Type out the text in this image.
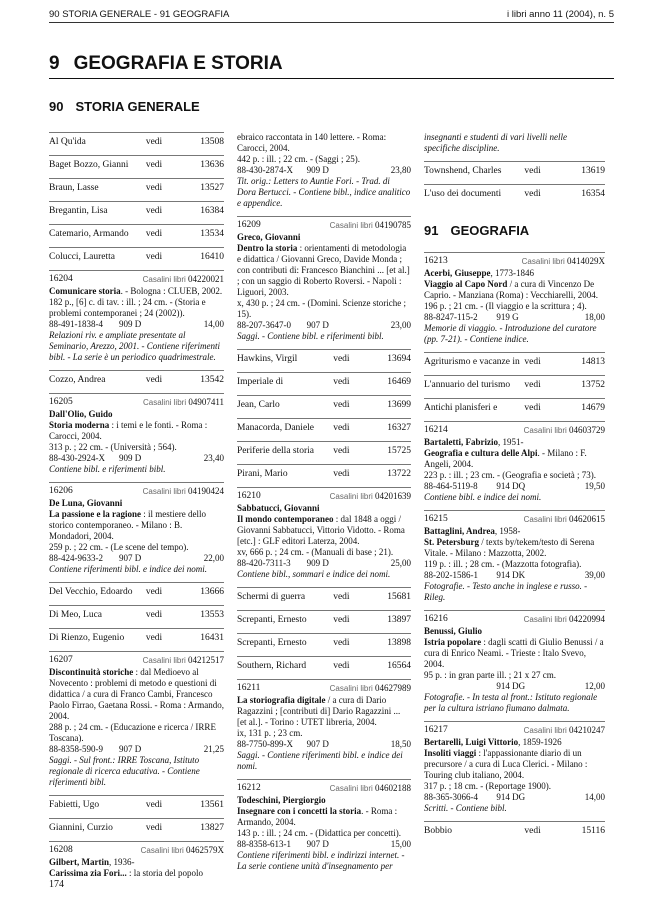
90 STORIA GENERALE - 91 GEOGRAFIA	i libri anno 11 (2004), n. 5
9 GEOGRAFIA E STORIA
90 STORIA GENERALE
Al Qu'ida	vedi	13508
Baget Bozzo, Gianni vedi	13636
Braun, Lasse	vedi	13527
Bregantin, Lisa	vedi	16384
Catemario, Armando vedi	13534
Colucci, Lauretta	vedi	16410
16204	Casalini libri 04220021
Comunicare storia. - Bologna : CLUEB, 2002.
182 p., [6] c. di tav. : ill. ; 24 cm. - (Storia e problemi contemporanei ; 24 (2002)).
88-491-1838-4 909 D	14,00
Relazioni riv. e ampliate presentate al Seminario, Arezzo, 2001. - Contiene riferimenti bibl. - La serie è un periodico quadrimestrale.
Cozzo, Andrea	vedi	13542
16205	Casalini libri 04907411
Dall'Olio, Guido
Storia moderna : i temi e le fonti. - Roma : Carocci, 2004.
313 p. ; 22 cm. - (Università ; 564).
88-430-2924-X 909 D	23,40
Contiene bibl. e riferimenti bibl.
16206	Casalini libri 04190424
De Luna, Giovanni
La passione e la ragione : il mestiere dello storico contemporaneo. - Milano : B. Mondadori, 2004.
259 p. ; 22 cm. - (Le scene del tempo).
88-424-9633-2 907 D	22,00
Contiene riferimenti bibl. e indice dei nomi.
Del Vecchio, Edoardo vedi	13666
Di Meo, Luca	vedi	13553
Di Rienzo, Eugenio vedi	16431
16207	Casalini libri 04212517
Discontinuità storiche : dal Medioevo al Novecento : problemi di metodo e questioni di didattica / a cura di Franco Cambi, Francesco Paolo Firrao, Gaetana Rossi. - Roma : Armando, 2004.
288 p. ; 24 cm. - (Educazione e ricerca / IRRE Toscana).
88-8358-590-9 907 D	21,25
Saggi. - Sul front.: IRRE Toscana, Istituto regionale di ricerca educativa. - Contiene riferimenti bibl.
Fabietti, Ugo	vedi	13561
Giannini, Curzio	vedi	13827
16208	Casalini libri 0462579X
Gilbert, Martin, 1936-
Carissima zia Fori... : la storia del popolo
ebraico raccontata in 140 lettere. - Roma: Carocci, 2004.
442 p. : ill. ; 22 cm. - (Saggi ; 25).
88-430-2874-X 909 D	23,80
Tit. orig.: Letters to Auntie Fori. - Trad. di Dora Bertucci. - Contiene bibl., indice analitico e appendice.
16209	Casalini libri 04190785
Greco, Giovanni
Dentro la storia : orientamenti di metodologia e didattica / Giovanni Greco, Davide Monda ; con contributi di: Francesco Bianchini ... [et al.] ; con un saggio di Roberto Roversi. - Napoli : Liguori, 2003.
x, 430 p. ; 24 cm. - (Domini. Scienze storiche ; 15).
88-207-3647-0 907 D	23,00
Saggi. - Contiene bibl. e riferimenti bibl.
Hawkins, Virgil	vedi	13694
Imperiale di	vedi	16469
Jean, Carlo	vedi	13699
Manacorda, Daniele vedi	16327
Periferie della storia vedi	15725
Pirani, Mario	vedi	13722
16210	Casalini libri 04201639
Sabbatucci, Giovanni
Il mondo contemporaneo : dal 1848 a oggi / Giovanni Sabbatucci, Vittorio Vidotto. - Roma [etc.] : GLF editori Laterza, 2004.
xv, 666 p. ; 24 cm. - (Manuali di base ; 21).
88-420-7311-3 909 D	25,00
Contiene bibl., sommari e indice dei nomi.
Schermi di guerra	vedi	15681
Screpanti, Ernesto	vedi	13897
Screpanti, Ernesto	vedi	13898
Southern, Richard	vedi	16564
16211	Casalini libri 04627989
La storiografia digitale / a cura di Dario Ragazzini ; [contributi di] Dario Ragazzini ... [et al.]. - Torino : UTET libreria, 2004.
ix, 131 p. ; 23 cm.
88-7750-899-X 907 D	18,50
Saggi. - Contiene riferimenti bibl. e indice dei nomi.
16212	Casalini libri 04602188
Todeschini, Piergiorgio
Insegnare con i concetti la storia. - Roma : Armando, 2004.
143 p. : ill. ; 24 cm. - (Didattica per concetti).
88-8358-613-1 907 D	15,00
Contiene riferimenti bibl. e indirizzi internet. - La serie contiene unità d'insegnamento per
insegnanti e studenti di vari livelli nelle specifiche discipline.
Townshend, Charles vedi	13619
L'uso dei documenti vedi	16354
91 GEOGRAFIA
16213	Casalini libri 0414029X
Acerbi, Giuseppe, 1773-1846
Viaggio al Capo Nord / a cura di Vincenzo De Caprio. - Manziana (Roma) : Vecchiarelli, 2004.
196 p. ; 21 cm. - (Il viaggio e la scrittura ; 4).
88-8247-115-2 919 G	18,00
Memorie di viaggio. - Introduzione del curatore (pp. 7-21). - Contiene indice.
Agriturismo e vacanze in vedi	14813
L'annuario del turismo vedi	13752
Antichi planisferi e	vedi	14679
16214	Casalini libri 04603729
Bartaletti, Fabrizio, 1951-
Geografia e cultura delle Alpi. - Milano : F. Angeli, 2004.
223 p. : ill. ; 23 cm. - (Geografia e società ; 73).
88-464-5119-8 914 DQ	19,50
Contiene bibl. e indice dei nomi.
16215	Casalini libri 04620615
Battaglini, Andrea, 1958-
St. Petersburg / texts by/tekem/testo di Serena Vitale. - Milano : Mazzotta, 2002.
119 p. : ill. ; 28 cm. - (Mazzotta fotografia).
88-202-1586-1 914 DK	39,00
Fotografie. - Testo anche in inglese e russo. - Rileg.
16216	Casalini libri 04220994
Benussi, Giulio
Istria popolare : dagli scatti di Giulio Benussi / a cura di Enrico Neami. - Trieste : Italo Svevo, 2004.
95 p. : in gran parte ill. ; 21 x 27 cm.
914 DG	12,00
Fotografie. - In testa al front.: Istituto regionale per la cultura istriano fiumano dalmata.
16217	Casalini libri 04210247
Bertarelli, Luigi Vittorio, 1859-1926
Insoliti viaggi : l'appassionante diario di un precursore / a cura di Luca Clerici. - Milano : Touring club italiano, 2004.
317 p. ; 18 cm. - (Reportage 1900).
88-365-3066-4 914 DG	14,00
Scritti. - Contiene bibl.
Bobbio	vedi	15116
174
